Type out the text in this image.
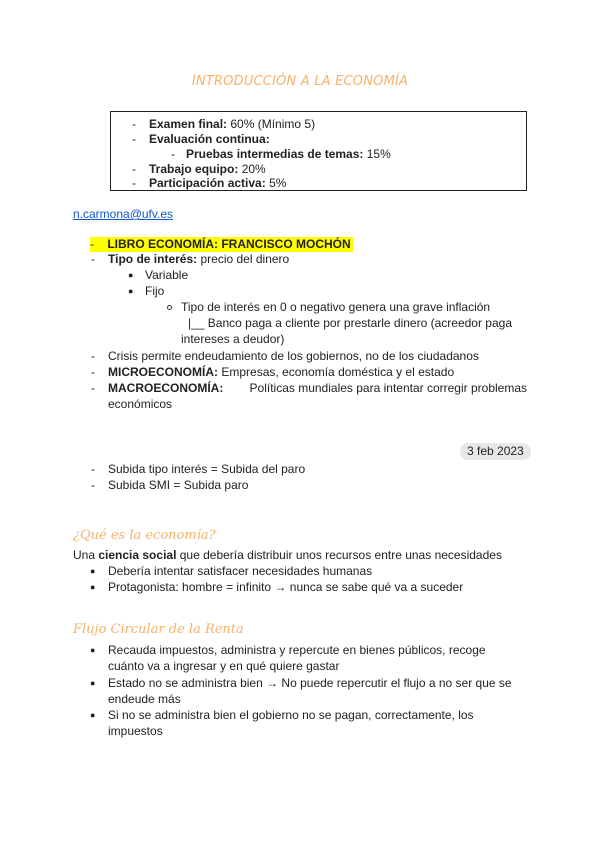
INTRODUCCIÓN A LA ECONOMÍA
- Examen final: 60% (Mínimo 5)
- Evaluación continua:
- Pruebas intermedias de temas: 15%
- Trabajo equipo: 20%
- Participación activa: 5%
n.carmona@ufv.es
-    LIBRO ECONOMÍA: FRANCISCO MOCHÓN
- Tipo de interés: precio del dinero
● Variable
● Fijo
Tipo de interés en 0 o negativo genera una grave inflación
|__ Banco paga a cliente por prestarle dinero (acreedor paga
intereses a deudor)
- Crisis permite endeudamiento de los gobiernos, no de los ciudadanos
- MICROECONOMÍA: Empresas, economía doméstica y el estado
- MACROECONOMÍA: Políticas mundiales para intentar corregir problemas
económicos
3 feb 2023
- Subida tipo interés = Subida del paro
- Subida SMI = Subida paro
¿Qué es la economía?
Una ciencia social que debería distribuir unos recursos entre unas necesidades
● Debería intentar satisfacer necesidades humanas
● Protagonista: hombre = infinito → nunca se sabe qué va a suceder
Flujo Circular de la Renta
● Recauda impuestos, administra y repercute en bienes públicos, recoge
cuánto va a ingresar y en qué quiere gastar
● Estado no se administra bien → No puede repercutir el flujo a no ser que se
endeude más
● Si no se administra bien el gobierno no se pagan, correctamente, los
impuestos
